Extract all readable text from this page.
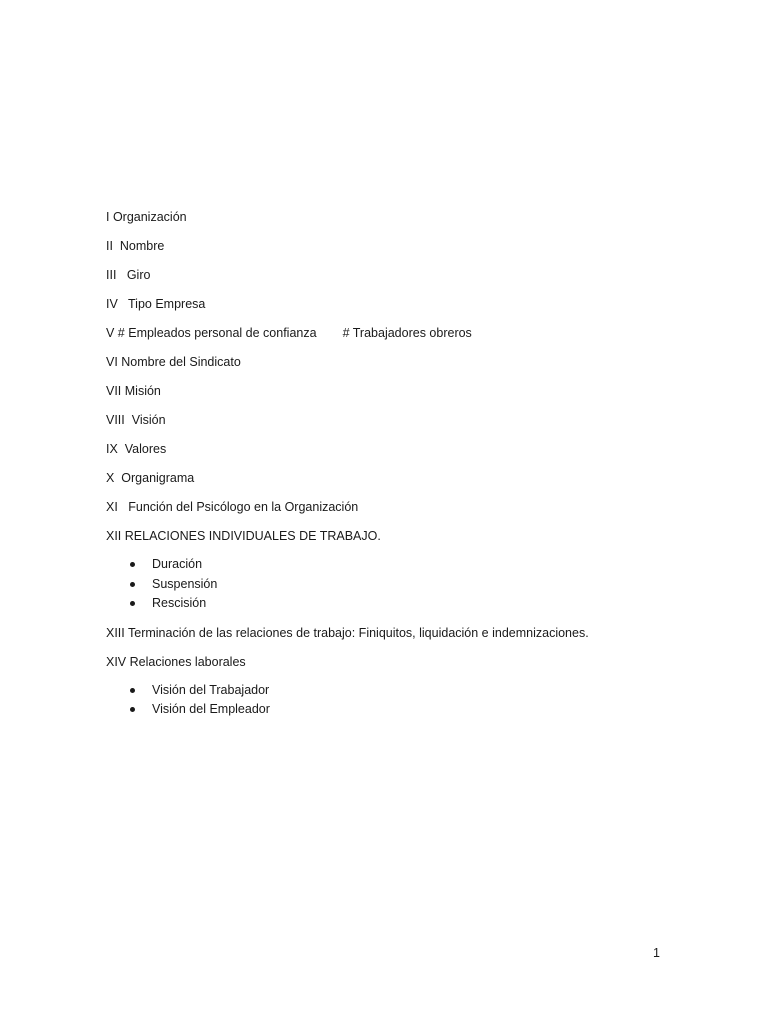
I Organización
II  Nombre
III   Giro
IV   Tipo Empresa
V # Empleados personal de confianza # Trabajadores obreros
VI Nombre del Sindicato
VII Misión
VIII  Visión
IX  Valores
X  Organigrama
XI   Función del Psicólogo en la Organización
XII RELACIONES INDIVIDUALES DE TRABAJO.
Duración
Suspensión
Rescisión
XIII Terminación de las relaciones de trabajo: Finiquitos, liquidación e indemnizaciones.
XIV Relaciones laborales
Visión del Trabajador
Visión del Empleador
1
